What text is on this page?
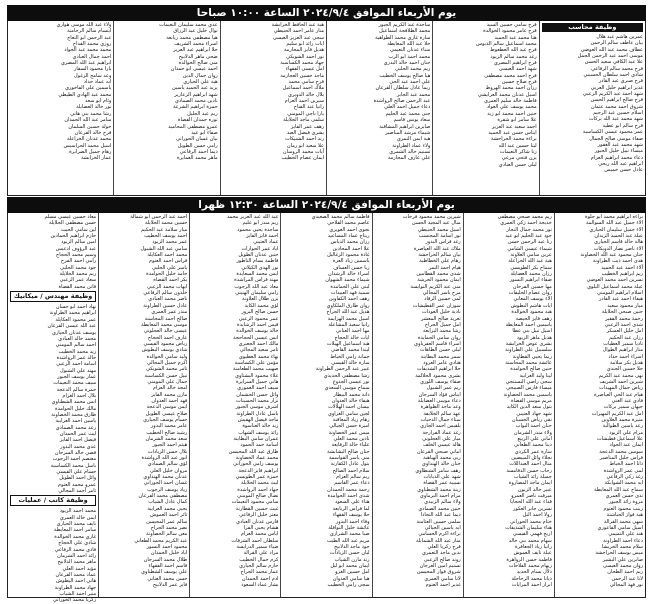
يوم الأربعاء الموافق ٢٠٢٤/٩/٤ الساعة ١٠:٠٠ صباحا
وظيفة محاسب
عمرين هاشم عبد هلال
بيان عاطف سالم الرحمن
عطاف محمد عبد الله العوضي
موسى احمد عبد الرحمن الجمل
علا عبد الكافي سعيد الحسن
فرح محمد سالم الرفاعي
شادي احمد سلطان الحسيني
فرح صبري عبد القادر
غدير ابراهيم خليل العربي
شهد احمد عبد الكريم الزعبي
فرح صالح ابراهيم الحسن
شروق احمد محمد عثمان
اسلام حسين عبد الرحيم
شهد محمد عبد الله بركات
فرح سالم ابو عطية
عمر محمود عيسى الكساسبة
صفاء موسى صالح الجمال
شهد محمد عبد الغفور
ميساء نبيل خليل الجبور
دعاء محمد ابراهيم العزام
ابراهيم عبد الله ربحي
عادل حسن خميس
فرح سامي حسين السيد
فرح عامر محمود الخوالدة
هنا محمد عبد الحميد
محمد اسماعيل سالم الدبوس
فرح عبد الله العطعوط
رغد محمد سالم الزيود
فرح ابراهيم المصري
شهد احمد العيسى
فرح احمد محمد مصطفى
فرح صلاح حسين
رزان احمد محمد الهروط
اسيل عدنان محمد العرايشي
فاطمة خالد سليم العمري
محمد يوسف علي العواد
حنين احمد محمد ابو زيد
علا سامر ابو شقرة
احمد سعيد عبد العزيز
ايناس حسن عبد الحميد
براءة محمد الحراحشة
لينا حسين عبد الله
رنا شاكر النعيمات
يزن فتحي مرعي
ليلى حسن العبادي
ساجدة عبد الكريم الجبور
محمد الطلافحة اسماعيل
سارة غازي محمد الطواهية
حلا عبد الله المعايطة
سناء عدنان النعيمي
محمد احمد ابو الرب
حنان احمد خالد البدري
ريم محمد الحلبي
هيا صالح يوسف الخطيب
علي احمد عبد الحي
ريما عادل سلطان القرعان
محمد عبد الجابر
عبد الرحمن صالح الرواشدة
دعاء جميل احمد العلي
جنى محمد عبد الحليم
سعاد يونس قاسم
صابرين ابراهيم المشاقبة
شيماء مرشد المناصير
هبة ايمن النمري
ولاء عماد الطراونة
تسنيم خالد الشمري
علي عارف المحارمة
هبة عبد الحافظ الخرابشة
منار عامر احمد الحنيطي
سجى عبد العزيز العيسى
ايات رائد ابو سليم
هديل فايز المحارمة
نور احمد الشوبكي
جهاد محمد الكساسبة
امل عيسى الفقهاء
ماجد حسين العجارمة
فرح سامي محمد
ملاك احمد اسماعيل
بلال خالد الدويري
سيرين احمد العزام
رانيا عبد الفتاح
يارا ناجي المومني
سلمى ماجد الخلايلة
رهف عمر الفايز
بشرى فيصل العبد
رند احمد الشنيكات
علا سعيد ابو رمان
آيات محمد الروسان
ايمان عصام الخطيب
عدي محمد سليمان النعيمات
نوال خليل عبد الرزاق
هيا مصطفى محمد ربابعة
اسراء محمد الشريف
حلا ابراهيم عبد العزيز
ضحى ماهر الدلابيح
منى صالح الخوالدة
احمد عيسى ابو حمدان
روان جمال الدين
هبة علي الحياري
يزيد عبد الحميد ياسين
شهد ابراهيم الزعارير
نادين محمد الصمادي
حمزة ابراهيم الشرعة
ريم عبد الجليل
نوره حمدان القضاة
عمرو مصطفى المحاميد
صفاء ابو عيد
بيان غسان الحوراني
رامي حسن الطويل
ديما احمد الرفاعي
ماهر محمد العمايرة
ولاء عبد الله موسى هواري
ابتسام سالم الرحامنة
عبد الرحمن ابو النعاج
روزي محمد القداح
محمد محمد عبد الجواد
احمد جمال العبادي
ابراهيم عبد الله المصري
يارا محمود السقار
وعد سامح الزغول
ايه عماد حداد
ياسمين علي الفاخوري
محمد عبد الهادي الطيطي
وئام ابو سعد
نور خالد العضايلة
رشا محمد بني هاني
سامر عبد الله الحمدان
خولة حسين السلمان
فرح خالد القرعان
محمد عدنان الخزاعلة
اسيل محمد الحراسيس
رهام جميل الصرايرة
عمار الخرابشة
يوم الأربعاء الموافق ٢٠٢٤/٩/٤ الساعة ١٢:٣٠ ظهرا
براءه ابراهيم محمد ابو حلوة
الاء جميل عبد الله السوالمة
الاء جميل سليمان الحياري
عبلة عبد الحميد الزيدان
هالة خالد قاسم الحياري
الاء ناصر نصار الدويكات
حنان محمود عبد الله الخصاونة
هدى احمد ذيب الطراونة
آلاء احمد عبد الحميد
ريم ابراهيم الخطيب
نسرين احمد محمد العوضي
عبلة محمد اسماعيل البلوي
اسلام ابراهيم المومني
هيفاء احمد عبد القادر
ميار محمود سعيد
حنين صبحي الخلايلة
رحمة محمد الفقير
شذى احمد الزعبي
امل خليل العسكر
رزان عبد الحكيم
ناديا سمير العطيات
منار ابراهيم الطوال
اسراء احمد حداد
هديل بكر سلامة
حلا حسين الجندي
نهى محمد عبد الكريم
شيرين احمد الشريف
رياض جمال المهيدات
هيام عبد الحي العياصرة
فادي عبد الغني
جيهان سمير بركات
امل عبد الكريم المهيرات
منيرة محمد العلاوين
رعد ياسين الطوالبة
مرام علي الزيود
علا اسماعيل قطيشات
ايمان عبد الجواد
سوسن محمد الدعجة
فراس خليل المناصير
دانا احمد الخياط
لمى عمر الرواشدة
رغد زكي الرفاعي
ايه محمد الشوابكة
سماح عبد الله المعايطة
ندى حسن العمري
مروة رائد الجبور
زينب محمود العتوم
هبة فواز الحباشنة
سهى محمد القرالة
اسيل سامي الفاعوري
هند علي التميمي
دعاء احمد الطراونة
سلام محمد الخريشا
ميس يوسف الحراحشة
صابرين علي البشير
روان محمد العيسى
ريم احمد الطحان
لانا عبد الرحمن
نور فهد المجالي
ريم محمد صبحي مصطفى
خديجة احمد زكي العمري
نور محمد جمال النجار
جود عبد الحليم ابو عيد
رنا عبد الرحمن حسن
شيماء عيسى الشامي
عرين سامي العلاونة
هبة عبد الله الخزاعلة
سماح بكر الطويسي
رزان محمد العضايلة
صفاء ابراهيم النسور
مها حسين الفرحان
روان عصام الخليفات
الاء يوسف المعاني
ايات هاشم البطوش
هبة محمود الخوالدة
رهف فايز الحيصة
ياسمين احمد المعايطة
اسيل نبيل بني عطا
هديل ماهر الزيود
بشرى عوض الخرابشة
سلسبيل علي الطراونة
ريما يحيى القطاونة
عائشة محمد المحاسنة
حنين صالح الحوامدة
لينا وليد الغرايبة
سجى راضي البستنجي
ميساء فارس الصبيحي
ياسمين محمد الخصاونة
مريم موسى القضاة
بتول سعد الدين الكايد
شهد جهاد العتيبي
تقى رياض الحسبان
حنان احمد البواب
ولاء منذر الشرمان
اماني علي الربيع
دينا محمد الطعاني
سارة عمر الكردي
نجلاء وائل المبيضين
منال احمد العبداللات
رحاب حسن الدقامسة
جميلة رائد الشياب
ايمان ماجد المصاروة
عبير خالد الزبون
ميرفت ناصر العمرو
فداء عبد الله الحجايا
نسرين جابر العكور
رولا احمد التل
ختام محمد الحوراني
هناء سليمان الشديفات
اريج فهمي القيسي
سهام محمد بني خالد
رانيا زياد الجعافرة
عبلة نايف العموش
فاطمة حسن الزواهرة
ريهام محمد الفلاحات
دلال بسام الحديد
ديانا محمد الرحاحلة
ابرار احمد المرايات
شيرين محمد محمود فرحات
منال عبد المجيد الحسن
اسيل محمد الحنيطي
نور اسامة المحتسب
رغد فراس البدور
ملاك عبد الله العياصرة
بيان سالم الحراحشة
رهام علي الخطاطبة
هيام احمد النمر
شذى محمد القطامين
ايمان محمود الخرشة
منى عبد الكريم النوايسة
مرح ياسر المجالي
لمى حسين الرقاد
سوزان عمر القطيشات
نادية خليل العودات
تغريد صالح المعشر
امل جميل الجراح
رشا محمد البزايعة
روان سامي الحمايدة
اسراء قاسم العقرباوي
ليلى حسن الطاهات
سمر محمد البطاينة
هنادي عامر العرود
حلا ابراهيم الشديفات
بشرى محمود الحلالمة
صفاء يوسف اللوزي
ريم عمر الشبول
ايناس فؤاد السرحان
دعاء موسى العضايلة
وعد ماجد الظواهرة
عهد سالم الخلايفة
سناء جمال الدحيات
بلقيس احمد الجازي
رغد عماد الفرارجة
ميار علي العجلوني
هالة عيسى الخلف
اماني صبحي القرعان
ربى محمد الهباهبة
جنان خالد الهنداوي
رهف سامر الشنطاوي
شهد علي الذيابات
نسيبة عمر القضاة
زينة محمد الشطناوي
مرام احمد البرماوي
ولاء سالم الزبيدي
حنين محمد الصمادي
ديما عبد الله النجادا
سلمى حسين العثامنة
ايه ياسين الجبالي
براءة اكرم الحسامي
منار عبد الله الشمايلة
فرح زكريا العلي
ندين ماجد التعمري
روند صالح الزعبي
تسنيم امين العرجان
شروق فواز المحيسن
لانا سامي العمري
غدير احمد العتوم
فاطمة سالم محمد الصعيدي
عاصم محمد الفلاحي
نجوى احمد الغويري
ريتاج عماد المساعيد
رزان محمد الدباس
علا احمد المحادين
غادة محمود الزغاليل
ياسمين زياد العزة
ربا حسن العساف
اسراء خالد الرشدان
شيماء محمد الشهوان
لبنى علي الحمامدة
سمية فهد العبيدات
رهف احمد الكفاوين
روان طارق الملكاوي
هديل عبد الله الجراح
اسيل محمد الهزايمة
رانيا سعيد المشاعلة
مها احمد العناني
ايات خالد الحجاج
هبة اسماعيل الهيلات
ليندا محمد القاضي
جمانة رامي الخياط
سارة خالد القيسي
عبير عبد الرحمن الطراونة
رشا مصطفى الحديدي
نور عيسى الجدوع
سماح موسى السعدي
دانة محمد البيطار
هيفاء خالد العدوان
بيسان احمد الهلالات
لجين سامي الغزاوي
رهام زياد المعاقبة
اميرة حسن الجبالي
ميس عمر الخصاونة
نادين محمد العلي
علياء خالد الرفايعة
حنان صالح البشابشة
منى ياسر القواسمة
بتول عادل الكفارنة
سلام احمد الصالح
ريم سالم العزام
دعاء عمر القاسم
رحمة محمد الحمدان
شذى احمد الحوامدة
هناء علي السعود
لما فراس الربابعة
حلا يوسف الفقهاء
وفاء احمد البدور
عائشة خليل النوافلة
صبا محمد الشراري
مريم عبد الله الطيب
جود ماجد الدلابيح
ليان حسن الزيادات
رند مازن الشياب
ايمان محمد ابو ليل
امل حسين الغزو
هيا سامي العدوان
سجى رامي الخطيب
عبد الله عبد العزيز محمد
ريم منذر ابو عليم
ساجدة يحيى محمود
احمد فايز الفايز
عماد العتيبي
اياد عمر الحوارات
حنين عدنان الطويل
فاطمة بسام الناطور
نور الهدى الكيلاني
ايمن محمد السعايدة
مهند فراس المراشدة
معاذ عبد الله الرجوب
رامي سليمان الهنيني
يزن طلال العلاونة
لؤي محمد الكايد
حسن صالح البزور
عمر محمود الزعبي
قيس احمد الرشايدة
خالد يوسف الخوالدة
انس عيسى الحجاحجة
مالك احمد الجعبري
ثامر سعيد المجالي
بهاء محمد العطيوي
مؤمن علي الكساسبة
صهيب محمد الطعامنة
علاء محمود البشتاوي
هاني جميل السرايرة
سيف احمد العموري
وائل حسن الخشمان
نزار محمد الحسينات
اشرف موسى الجبور
باسل عادل الطراونة
ماجد فيصل الهقيش
زيد خالد العناسوة
رائد يوسف الشهاب
عمران سامي البطاينة
اسامة حمد الحمود
طارق عبد الله المحيسن
محمد عماد الخصاونة
يوسف رامي الحوراني
ابراهيم فايز الدعجة
حمزة عمر الطويسي
ليث محمد الخلايلة
جهاد احمد الرواشدة
نضال صالح المومني
سامي محمود النعيمات
غيث حسين القطارنة
معتز خليل الرفاعي
فارس عدنان العبادي
هشام يحيى الفرا
اياس محمد العزام
سلطان احمد الشرفات
ضياء سمير الدرايسة
مراد علي القرالة
كرم جمال الخطيب
حازم سالم الحياري
عمار محمد الجراح
ادم احمد الحمدان
بشار عماد السعود
احمد عبد الرحمن ابو شمالة
حسين محمد الخلايلة
ميار سلامة عبد الحكيم
احمد يوسف الخطيب
عمر محمد الزيود
سامي عبد الله الشبول
محمد احمد العكايلة
فراس احمد العتوم
ياسر علي الحلبي
حامد خليل الحوامدة
بكر احمد القضاة
ايهاب محمد الزعبي
خلدون سالم الرفاعي
ناصر محمد العبادي
عادل حسين الطراونة
منذر عمر العمري
صالح احمد المحاسنة
موسى محمد المعايطة
عيسى خالد العجلوني
عارف احمد الحجاج
رياض محمود القيسي
شادي يوسف البطوش
وليد سامي الخوالدة
اكرم جميل المجالي
تامر محمد الشوبكي
نبيل حسن الكساسبة
جمال علي المومني
امجد خالد العزام
مازن محمد الفايز
فهد احمد العدوان
ايمن موسى الدعجة
صلاح عيسى الطويل
حسام يوسف الحياري
عامر محمد البدور
رشيد صالح الخطيب
سعد محمد الشرمان
هيثم احمد الجبور
بلال حسن الزيادات
انور عبد الله الرواشدة
لؤي سالم الصمادي
مروان خليل العلي
عدنان محمد الهنداوي
غسان احمد الحوراني
زياد يوسف الرجوب
مصطفى محمد القرعان
كمال عادل الشياب
يحيى محمد الغرايبة
ثائر احمد العموش
سالم عمر المحيسن
نصر محمد الجراح
معن سالم الخصاونة
عبد الكريم محمد الطعاني
محمود احمد النسور
اياد خليل الحمدان
طلال محمد السرحان
قاسم احمد الفقهاء
علي يوسف الشطناوي
حسن محمد العناني
فايز عمر الدلابيح
معاذ حسين عيسى مسلم
حسن مصطفى الخلايلة
لين سامي الحيت
حازم ابراهيم الحمادين
امين سالم الزيود
عبد الرؤوف ادعيس
وسيم محمد الحجاج
رامي احمد الفرح
جود محمد الحلبي
ريم محمد الخلايلة
سعاد عمر الزعبي
فاتن محمد القضاة
وظيفة مهندس / ميكانيك
نهاد احمد ابو حسان
ابراهيم محمد الطراونة
عمر محمود العكايلة
عبد الله عيسى القرعان
يوسف عدنان الحياري
محمد خالد العبادي
احمد سالم المومني
زيد محمد الخطيب
خالد عمر الرواشدة
اسامة احمد الزعبي
مهند علي الشبول
عمار يوسف الجبور
سيف محمد النعيمات
حمزة سالم الدعجة
بلال احمد العزام
انس محمد الشطناوي
مالك خليل الحوامدة
طارق محمد الخصاونة
ياسين احمد الغرايبة
رعد محمد الصمادي
ليث عمر الحمدان
فيصل احمد الفايز
عدي محمد البدور
قصي خالد السرحان
معتصم احمد الرجوب
باسل محمد الكساسبة
حسام علي القيسي
وائل احمد الطويل
عمرو محمد العتوم
ثامر احمد المجالي
وظيفة كاتب / عمليات
محمد احمد الزيود
ايمن خالد العمري
نايف محمد الحياري
سامر احمد المعايطة
غازي محمد الخوالدة
شادي علي الحجاج
فادي محمد الرفاعي
رائد احمد الشرمان
ماهر محمد الدلابيح
مؤيد احمد العلي
عماد محمد القرعان
هاني احمد البطوش
جهاد محمد الطراونة
منير احمد الشياب
زكريا محمد الحوراني
